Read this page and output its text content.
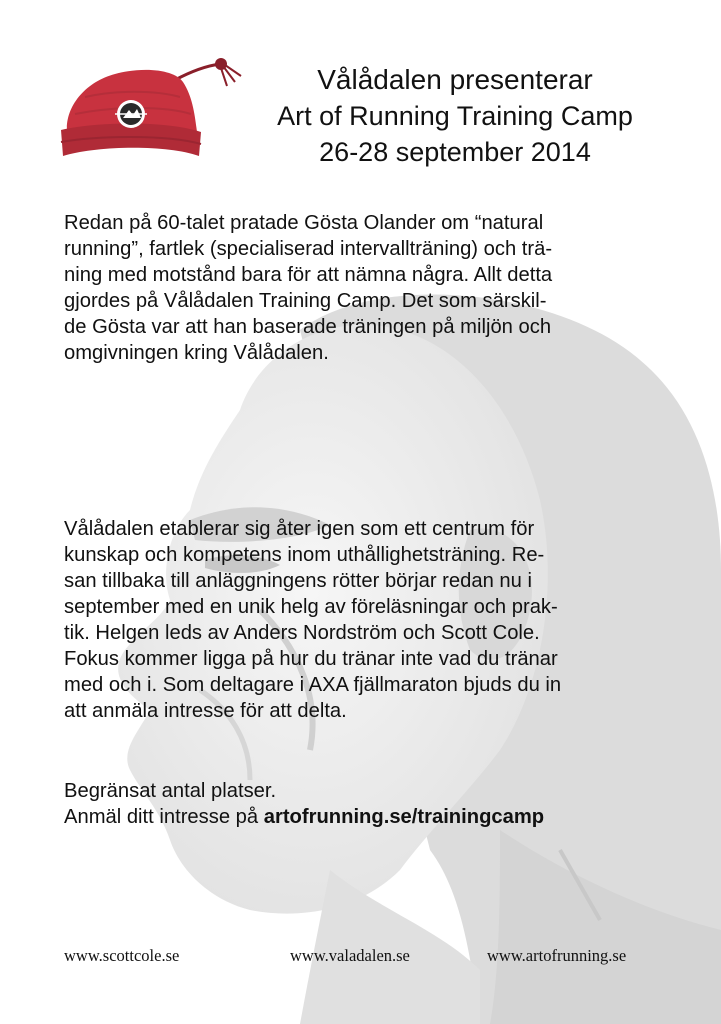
Vålådalen presenterar
Art of Running Training Camp
26-28 september 2014
Redan på 60-talet pratade Gösta Olander om “natural
running”, fartlek (specialiserad intervallträning) och trä-
ning med motstånd bara för att nämna några. Allt detta
gjordes på Vålådalen Training Camp. Det som särskil-
de Gösta var att han baserade träningen på miljön och
omgivningen kring Vålådalen.
Vålådalen etablerar sig åter igen som ett centrum för
kunskap och kompetens inom uthållighetsträning. Re-
san tillbaka till anläggningens rötter börjar redan nu i
september med en unik helg av föreläsningar och prak-
tik. Helgen leds av Anders Nordström och Scott Cole.
Fokus kommer ligga på hur du tränar inte vad du tränar
med och i. Som deltagare i AXA fjällmaraton bjuds du in
att anmäla intresse för att delta.
Begränsat antal platser.
Anmäl ditt intresse på artofrunning.se/trainingcamp
www.scottcole.se	www.valadalen.se	www.artofrunning.se
